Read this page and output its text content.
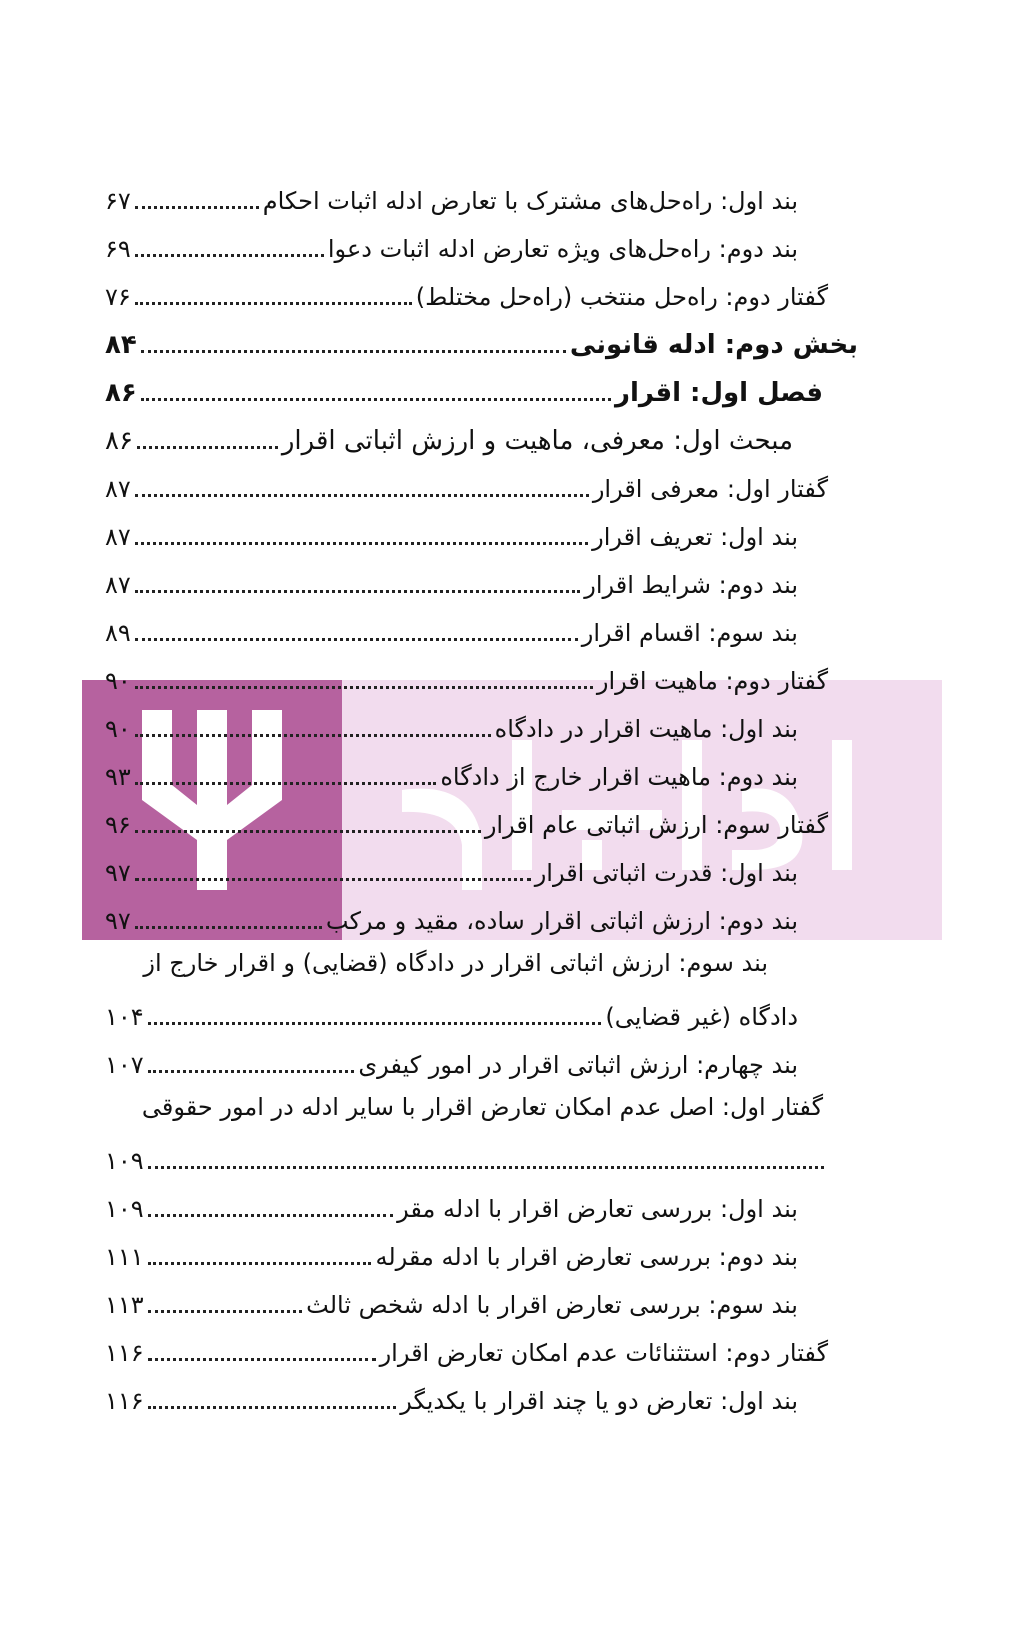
۶۷	بند اول: راه‌حل‌های مشترک با تعارض ادله اثبات احکام
۶۹	بند دوم: راه‌حل‌های ویژه تعارض ادله اثبات دعوا
۷۶	گفتار دوم: راه‌حل منتخب (راه‌حل مختلط)
۸۴	بخش دوم: ادله قانونی
۸۶	فصل اول: اقرار
۸۶	مبحث اول: معرفی، ماهیت و ارزش اثباتی اقرار
۸۷	گفتار اول: معرفی اقرار
۸۷	بند اول: تعریف اقرار
۸۷	بند دوم: شرایط اقرار
۸۹	بند سوم: اقسام اقرار
۹۰	گفتار دوم: ماهیت اقرار
۹۰	بند اول: ماهیت اقرار در دادگاه
۹۳	بند دوم: ماهیت اقرار خارج از دادگاه
۹۶	گفتار سوم: ارزش اثباتی عام اقرار
۹۷	بند اول: قدرت اثباتی اقرار
۹۷	بند دوم: ارزش اثباتی اقرار ساده، مقید و مرکب
بند سوم: ارزش اثباتی اقرار در دادگاه (قضایی) و اقرار خارج از
۱۰۴	دادگاه (غیر قضایی)
۱۰۷	بند چهارم: ارزش اثباتی اقرار در امور کیفری
گفتار اول: اصل عدم امکان تعارض اقرار با سایر ادله در امور حقوقی
۱۰۹
۱۰۹	بند اول: بررسی تعارض اقرار با ادله مقر
۱۱۱	بند دوم: بررسی تعارض اقرار با ادله مقرله
۱۱۳	بند سوم: بررسی تعارض اقرار با ادله شخص ثالث
۱۱۶	گفتار دوم: استثنائات عدم امکان تعارض اقرار
۱۱۶	بند اول: تعارض دو یا چند اقرار با یکدیگر
